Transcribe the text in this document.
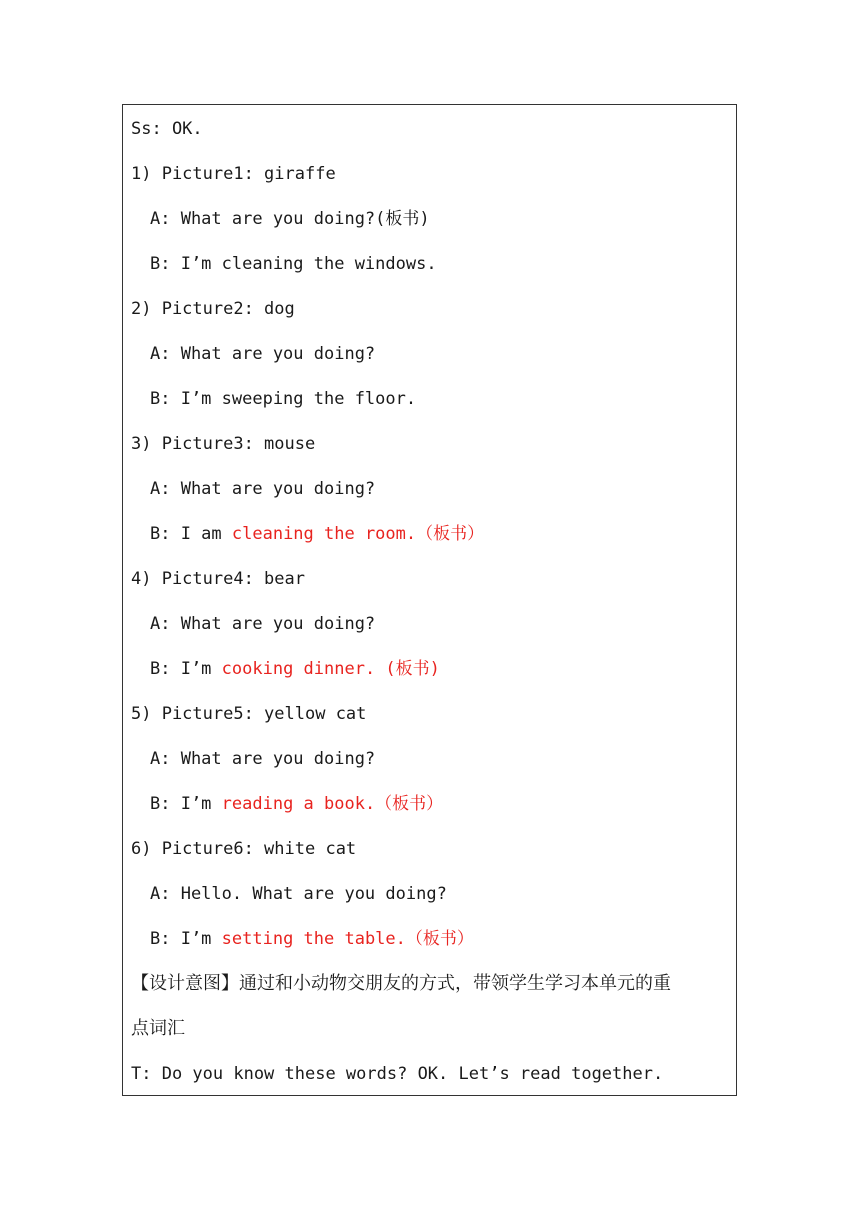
Ss: OK.
1) Picture1: giraffe
A: What are you doing?(板书)
B: I’m cleaning the windows.
2) Picture2: dog
A: What are you doing?
B: I’m sweeping the floor.
3) Picture3: mouse
A: What are you doing?
B: I am cleaning the room.（板书）
4) Picture4: bear
A: What are you doing?
B: I’m cooking dinner. (板书)
5) Picture5: yellow cat
A: What are you doing?
B: I’m reading a book.（板书）
6) Picture6: white cat
A: Hello. What are you doing?
B: I’m setting the table.（板书）
【设计意图】通过和小动物交朋友的方式，带领学生学习本单元的重
点词汇
T: Do you know these words? OK. Let’s read together.
